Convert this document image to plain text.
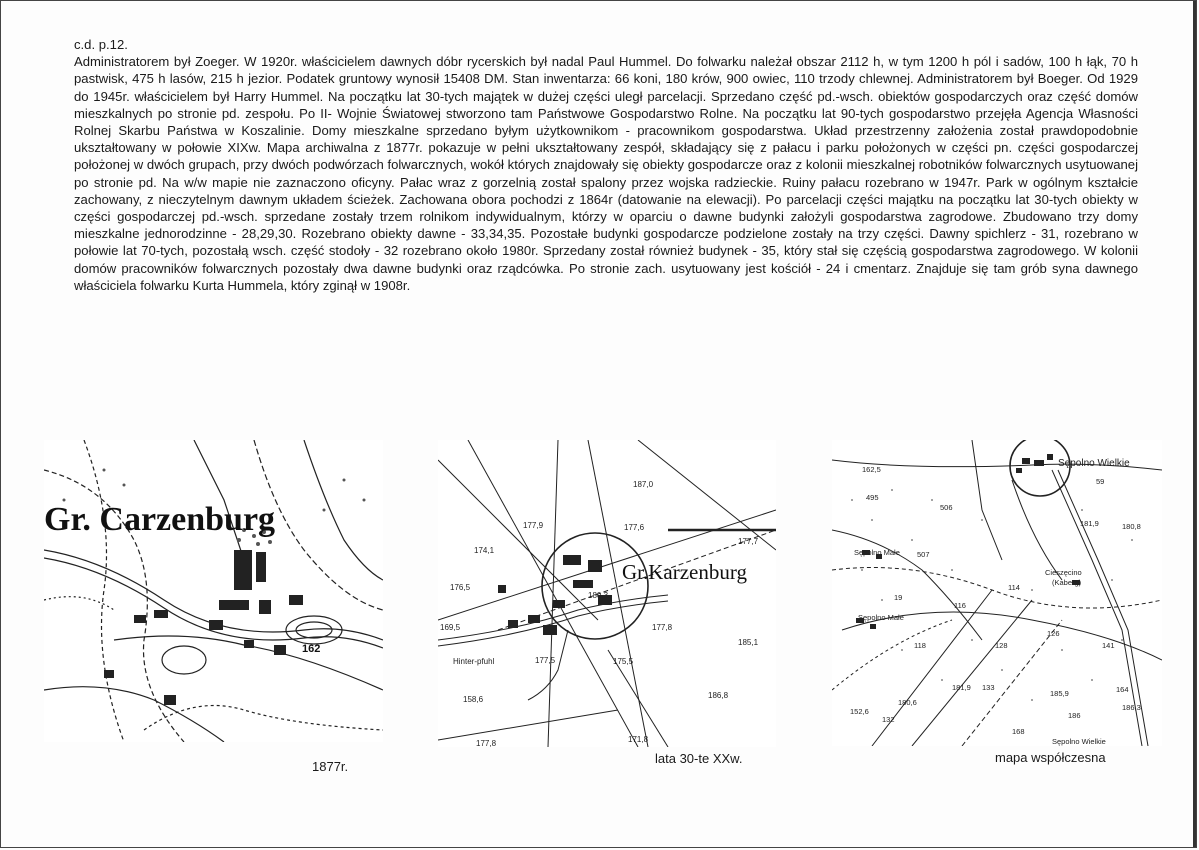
c.d. p.12.

Administratorem był Zoeger. W 1920r. właścicielem dawnych dóbr rycerskich był nadal Paul Hummel. Do folwarku należał obszar 2112 h, w tym 1200 h pól i sadów, 100 h łąk, 70 h pastwisk, 475 h lasów, 215 h jezior. Podatek gruntowy wynosił 15408 DM. Stan inwentarza: 66 koni, 180 krów, 900 owiec, 110 trzody chlewnej. Administratorem był Boeger. Od 1929 do 1945r. właścicielem był Harry Hummel. Na początku lat 30-tych majątek w dużej części uległ parcelacji. Sprzedano część pd.-wsch. obiektów gospodarczych oraz część domów mieszkalnych po stronie pd. zespołu. Po II- Wojnie Światowej stworzono tam Państwowe Gospodarstwo Rolne. Na początku lat 90-tych gospodarstwo przejęła Agencja Własności Rolnej Skarbu Państwa w Koszalinie. Domy mieszkalne sprzedano byłym użytkownikom - pracownikom gospodarstwa. Układ przestrzenny założenia został prawdopodobnie ukształtowany w połowie XIXw. Mapa archiwalna z 1877r. pokazuje w pełni ukształtowany zespół, składający się z pałacu i parku położonych w części pn. części gospodarczej położonej w dwóch grupach, przy dwóch podwórzach folwarcznych, wokół których znajdowały się obiekty gospodarcze oraz z kolonii mieszkalnej robotników folwarcznych usytuowanej po stronie pd. Na w/w mapie nie zaznaczono oficyny. Pałac wraz z gorzelnią został spalony przez wojska radzieckie. Ruiny pałacu rozebrano w 1947r. Park w ogólnym kształcie zachowany, z nieczytelnym dawnym układem ścieżek. Zachowana obora pochodzi z 1864r (datowanie na elewacji). Po parcelacji części majątku na początku lat 30-tych obiekty w części gospodarczej pd.-wsch. sprzedane zostały trzem rolnikom indywidualnym, którzy w oparciu o dawne budynki założyli gospodarstwa zagrodowe. Zbudowano trzy domy mieszkalne jednorodzinne - 28,29,30. Rozebrano obiekty dawne - 33,34,35. Pozostałe budynki gospodarcze podzielone zostały na trzy części. Dawny spichlerz - 31, rozebrano w połowie lat 70-tych, pozostałą wsch. część stodoły - 32 rozebrano około 1980r. Sprzedany został również budynek - 35, który stał się częścią gospodarstwa zagrodowego. W kolonii domów pracowników folwarcznych pozostały dwa dawne budynki oraz rządcówka. Po stronie zach. usytuowany jest kościół - 24 i cmentarz. Znajduje się tam grób syna dawnego właściciela folwarku Kurta Hummela, który zginął w 1908r.

Gr. Carzenburg
162
1877r.
187,0
177,9	177,6
177,7
174,1
176,5
180,3
169,5	177,8
185,1
175,5
177,5
186,8
158,6
171,8
177,8
Hinter-pfuhl
Gr.Karzenburg
lata 30-te XXw.
Sępolno Wielkie
Sępolno Małe
Sępolno Małe
Cieszęcino
(Kaberg)
Sępolno Wielkie
162,5
59
181,9	180,8
495
506
507
114
116
126
128	141
181,9
185,9	164
186,3
186
180,6
152,6
132
168
19
118
133
mapa współczesna
